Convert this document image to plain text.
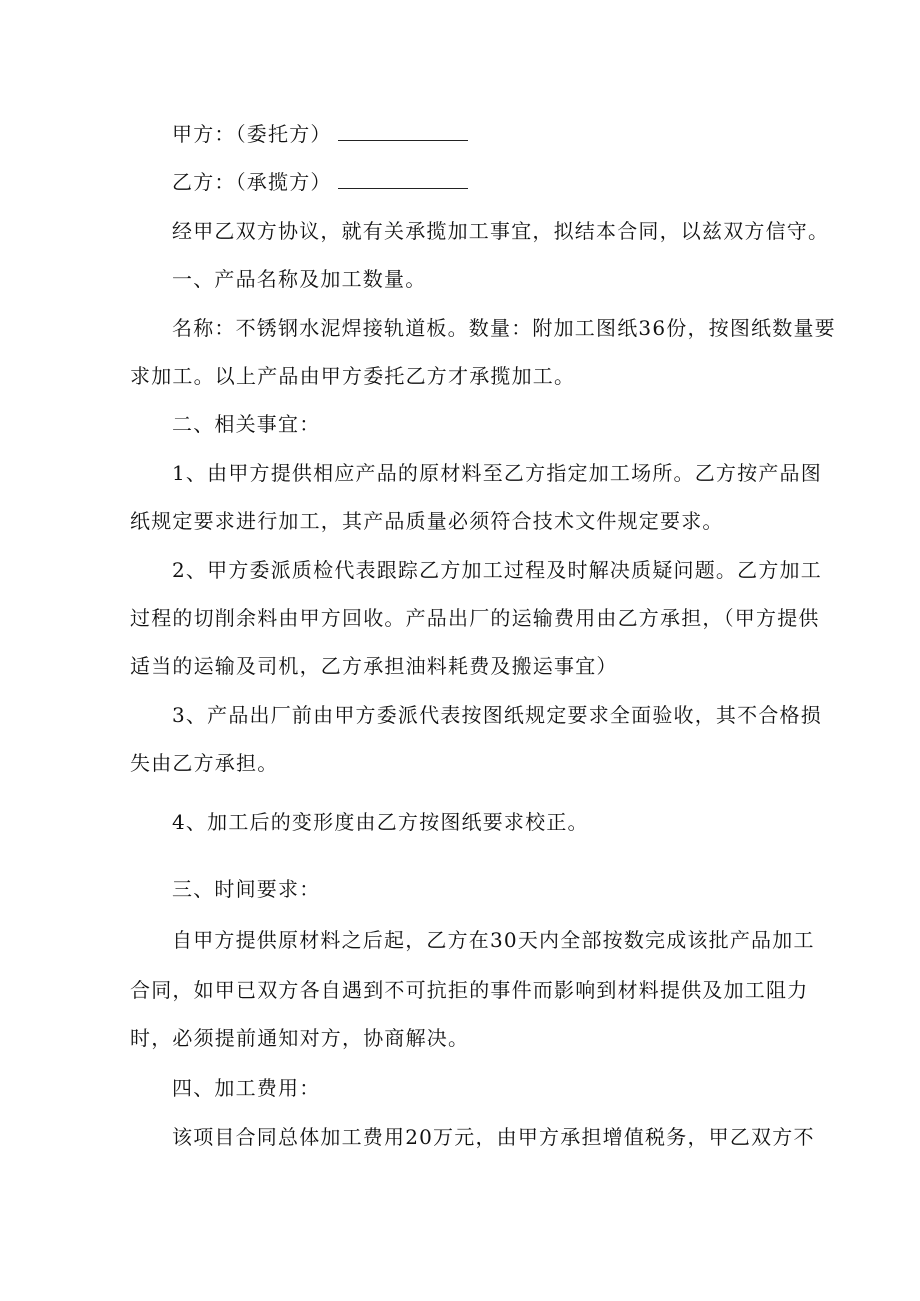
甲方：（委托方）
乙方：（承揽方）
经甲乙双方协议，就有关承揽加工事宜，拟结本合同，以兹双方信守。
一、产品名称及加工数量。
名称：不锈钢水泥焊接轨道板。数量：附加工图纸36份，按图纸数量要
求加工。以上产品由甲方委托乙方才承揽加工。
二、相关事宜：
1、由甲方提供相应产品的原材料至乙方指定加工场所。乙方按产品图
纸规定要求进行加工，其产品质量必须符合技术文件规定要求。
2、甲方委派质检代表跟踪乙方加工过程及时解决质疑问题。乙方加工
过程的切削余料由甲方回收。产品出厂的运输费用由乙方承担，（甲方提供
适当的运输及司机，乙方承担油料耗费及搬运事宜）
3、产品出厂前由甲方委派代表按图纸规定要求全面验收，其不合格损
失由乙方承担。
4、加工后的变形度由乙方按图纸要求校正。
三、时间要求：
自甲方提供原材料之后起，乙方在30天内全部按数完成该批产品加工
合同，如甲已双方各自遇到不可抗拒的事件而影响到材料提供及加工阻力
时，必须提前通知对方，协商解决。
四、加工费用：
该项目合同总体加工费用20万元，由甲方承担增值税务，甲乙双方不
